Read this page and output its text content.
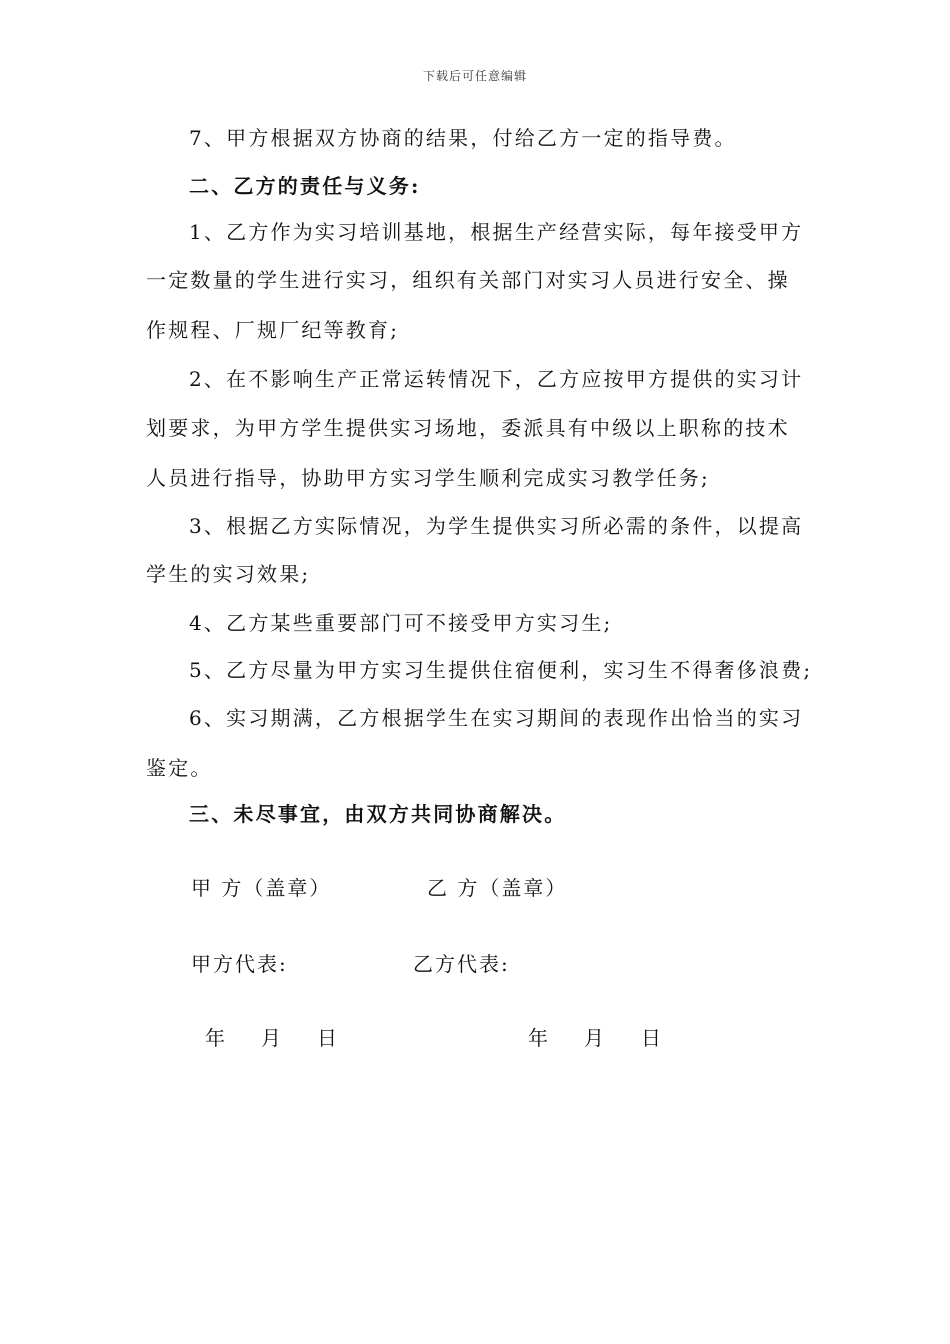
下载后可任意编辑
7、甲方根据双方协商的结果，付给乙方一定的指导费。
二、乙方的责任与义务:
1、乙方作为实习培训基地，根据生产经营实际，每年接受甲方
一定数量的学生进行实习，组织有关部门对实习人员进行安全、操
作规程、厂规厂纪等教育;
2、在不影响生产正常运转情况下，乙方应按甲方提供的实习计
划要求，为甲方学生提供实习场地，委派具有中级以上职称的技术
人员进行指导，协助甲方实习学生顺利完成实习教学任务;
3、根据乙方实际情况，为学生提供实习所必需的条件，以提高
学生的实习效果;
4、乙方某些重要部门可不接受甲方实习生;
5、乙方尽量为甲方实习生提供住宿便利，实习生不得奢侈浪费;
6、实习期满，乙方根据学生在实习期间的表现作出恰当的实习
鉴定。
三、未尽事宜，由双方共同协商解决。
甲 方（盖章）	乙 方（盖章）
甲方代表:	乙方代表:
年 月 日	年 月 日
